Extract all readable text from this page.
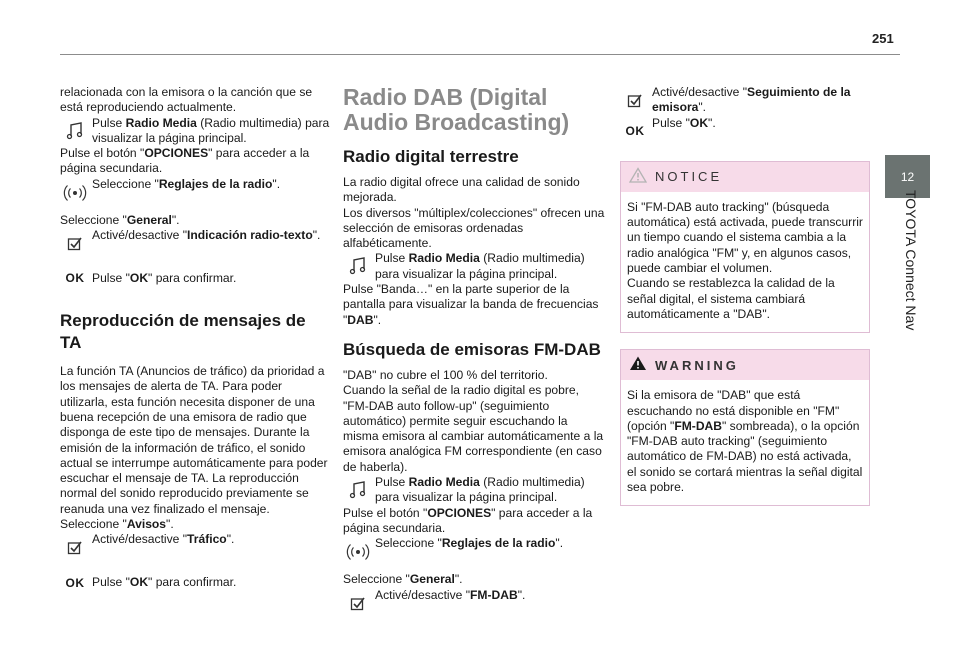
251
12
TOYOTA Connect Nav

relacionada con la emisora o la canción que se está reproduciendo actualmente.

Pulse Radio Media (Radio multimedia) para visualizar la página principal.

Pulse el botón "OPCIONES" para acceder a la página secundaria.

Seleccione "Reglajes de la radio".

Seleccione "General".

Activé/desactive "Indicación radio-texto".

OK Pulse "OK" para confirmar.

Reproducción de mensajes de TA

La función TA (Anuncios de tráfico) da prioridad a los mensajes de alerta de TA. Para poder utilizarla, esta función necesita disponer de una buena recepción de una emisora de radio que disponga de este tipo de mensajes. Durante la emisión de la información de tráfico, el sonido actual se interrumpe automáticamente para poder escuchar el mensaje de TA. La reproducción normal del sonido reproducido previamente se reanuda una vez finalizado el mensaje.

Seleccione "Avisos".

Activé/desactive "Tráfico".

OK Pulse "OK" para confirmar.

Radio DAB (Digital Audio Broadcasting)
Radio digital terrestre

La radio digital ofrece una calidad de sonido mejorada.

Los diversos "múltiplex/colecciones" ofrecen una selección de emisoras ordenadas alfabéticamente.

Pulse Radio Media (Radio multimedia) para visualizar la página principal.

Pulse "Banda…" en la parte superior de la pantalla para visualizar la banda de frecuencias "DAB".

Búsqueda de emisoras FM-DAB

"DAB" no cubre el 100 % del territorio.

Cuando la señal de la radio digital es pobre, "FM-DAB auto follow-up" (seguimiento automático) permite seguir escuchando la misma emisora al cambiar automáticamente a la emisora analógica FM correspondiente (en caso de haberla).

Pulse Radio Media (Radio multimedia) para visualizar la página principal.

Pulse el botón "OPCIONES" para acceder a la página secundaria.

Seleccione "Reglajes de la radio".

Seleccione "General".

Activé/desactive "FM-DAB".

Activé/desactive "Seguimiento de la emisora".
Pulse "OK".

OK
NOTICE

Si "FM-DAB auto tracking" (búsqueda automática) está activada, puede transcurrir un tiempo cuando el sistema cambia a la radio analógica "FM" y, en algunos casos, puede cambiar el volumen.

Cuando se restablezca la calidad de la señal digital, el sistema cambiará automáticamente a "DAB".

WARNING

Si la emisora de "DAB" que está escuchando no está disponible en "FM" (opción "FM-DAB" sombreada), o la opción "FM-DAB auto tracking" (seguimiento automático de FM-DAB) no está activada, el sonido se cortará mientras la señal digital sea pobre.
